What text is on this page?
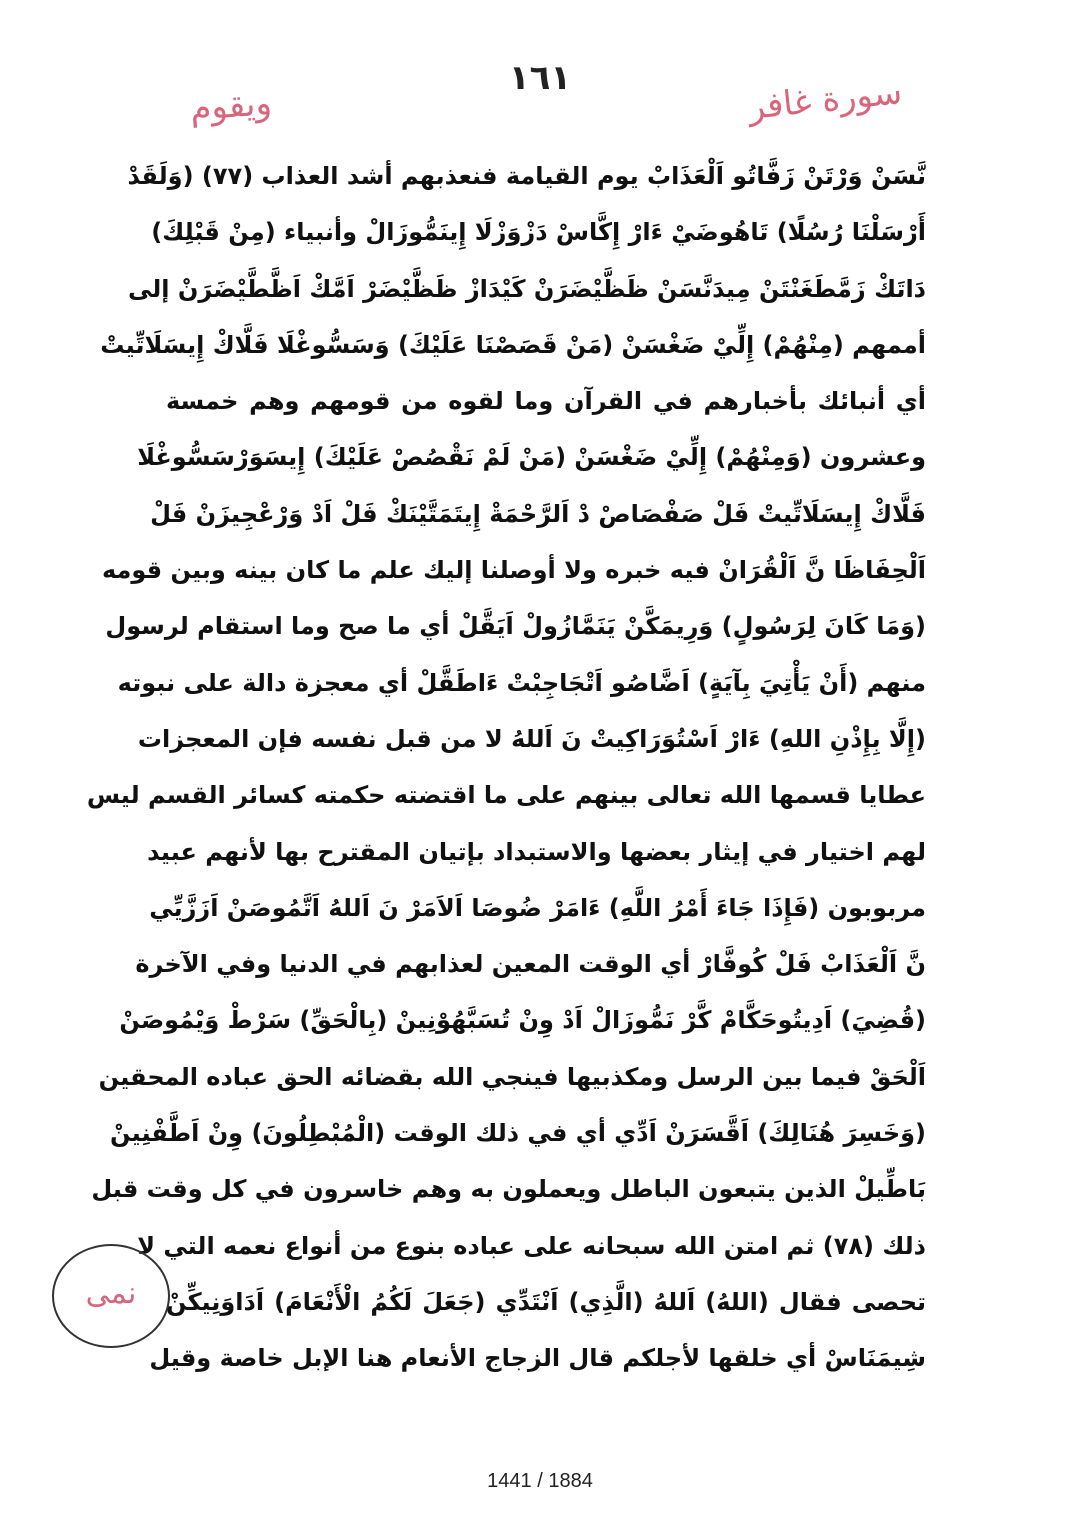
١٦١
ويقوم	سورة غافر
نَّسَنْ وَرْتَنْ زَفَّاتُو اَلْعَذَابْ يوم القيامة فنعذبهم أشد العذاب (٧٧) (وَلَقَدْ
أَرْسَلْنَا رُسُلًا) تَاهُوضَيْ ءَارْ إِكَّاسْ دَزْوَزْلَا إِينَمُّوزَالْ وأنبياء (مِنْ قَبْلِكَ)
دَاتَكْ زَمَّطَغَنْتَنْ مِيدَنَّسَنْ ظَظَّيْضَرَنْ كَيْدَازْ ظَظَّيْضَرْ اَمَّكْ اَظَّطَّيْضَرَنْ إلى
أممهم (مِنْهُمْ) إِلِّيْ ضَغْسَنْ (مَنْ قَصَصْنَا عَلَيْكَ) وَسَسُّوغْلَا فَلَّاكْ إِيسَلَاتِّيتْ
أي أنبائك بأخبارهم في القرآن وما لقوه من قومهم وهم خمسة
وعشرون (وَمِنْهُمْ) إِلِّيْ ضَغْسَنْ (مَنْ لَمْ نَقْصُصْ عَلَيْكَ) إِيسَوَرْسَسُّوغْلَا
فَلَّاكْ إِيسَلَاتِّيتْ فَلْ صَفْصَاصْ دْ اَلرَّحْمَةْ إِيتَمَتَّيْنَكْ فَلْ اَدْ وَرْعْجِيزَنْ فَلْ
اَلْحِفَاظَا نَّ اَلْقُرَانْ فيه خبره ولا أوصلنا إليك علم ما كان بينه وبين قومه
(وَمَا كَانَ لِرَسُولٍ) وَرِيمَكَّنْ يَنَمَّازُولْ اَيَقَّلْ أي ما صح وما استقام لرسول
منهم (أَنْ يَأْتِيَ بِآيَةٍ) اَضَّاصُو اَتْجَاجِبْتْ ءَاطَقَّلْ أي معجزة دالة على نبوته
(إِلَّا بِإِذْنِ اللهِ) ءَارْ اَسْتُوَرَاكِيتْ نَ اَللهُ لا من قبل نفسه فإن المعجزات
عطايا قسمها الله تعالى بينهم على ما اقتضته حكمته كسائر القسم ليس
لهم اختيار في إيثار بعضها والاستبداد بإتيان المقترح بها لأنهم عبيد
مربوبون (فَإِذَا جَاءَ أَمْرُ اللَّهِ) ءَامَرْ ضُوصَا اَلاَمَرْ نَ اَللهُ اَتَّمُوصَنْ اَزَزَّيِّي
نَّ اَلْعَذَابْ فَلْ كُوفَّارْ أي الوقت المعين لعذابهم في الدنيا وفي الآخرة
(قُضِيَ) اَدِيتُوحَكَّامْ كَّرْ نَمُّوزَالْ اَدْ وِنْ تُسَبَّهُوْنِينْ (بِالْحَقِّ) سَرْطْ وَيْمُوصَنْ
اَلْحَقْ فيما بين الرسل ومكذبيها فينجي الله بقضائه الحق عباده المحقين
(وَخَسِرَ هُنَالِكَ) اَقَّسَرَنْ اَدِّي أي في ذلك الوقت (الْمُبْطِلُونَ) وِنْ اَطَّفْنِينْ
بَاطِّيلْ الذين يتبعون الباطل ويعملون به وهم خاسرون في كل وقت قبل
ذلك (٧٨) ثم امتن الله سبحانه على عباده بنوع من أنواع نعمه التي لا
تحصى فقال (اللهُ) اَللهُ (الَّذِي) اَنْتَدِّي (جَعَلَ لَكُمُ الْأَنْعَامَ) اَدَاوَنِيكِّنْ
شِيمَنَاسْ أي خلقها لأجلكم قال الزجاج الأنعام هنا الإبل خاصة وقيل
نمى
1441 / 1884
